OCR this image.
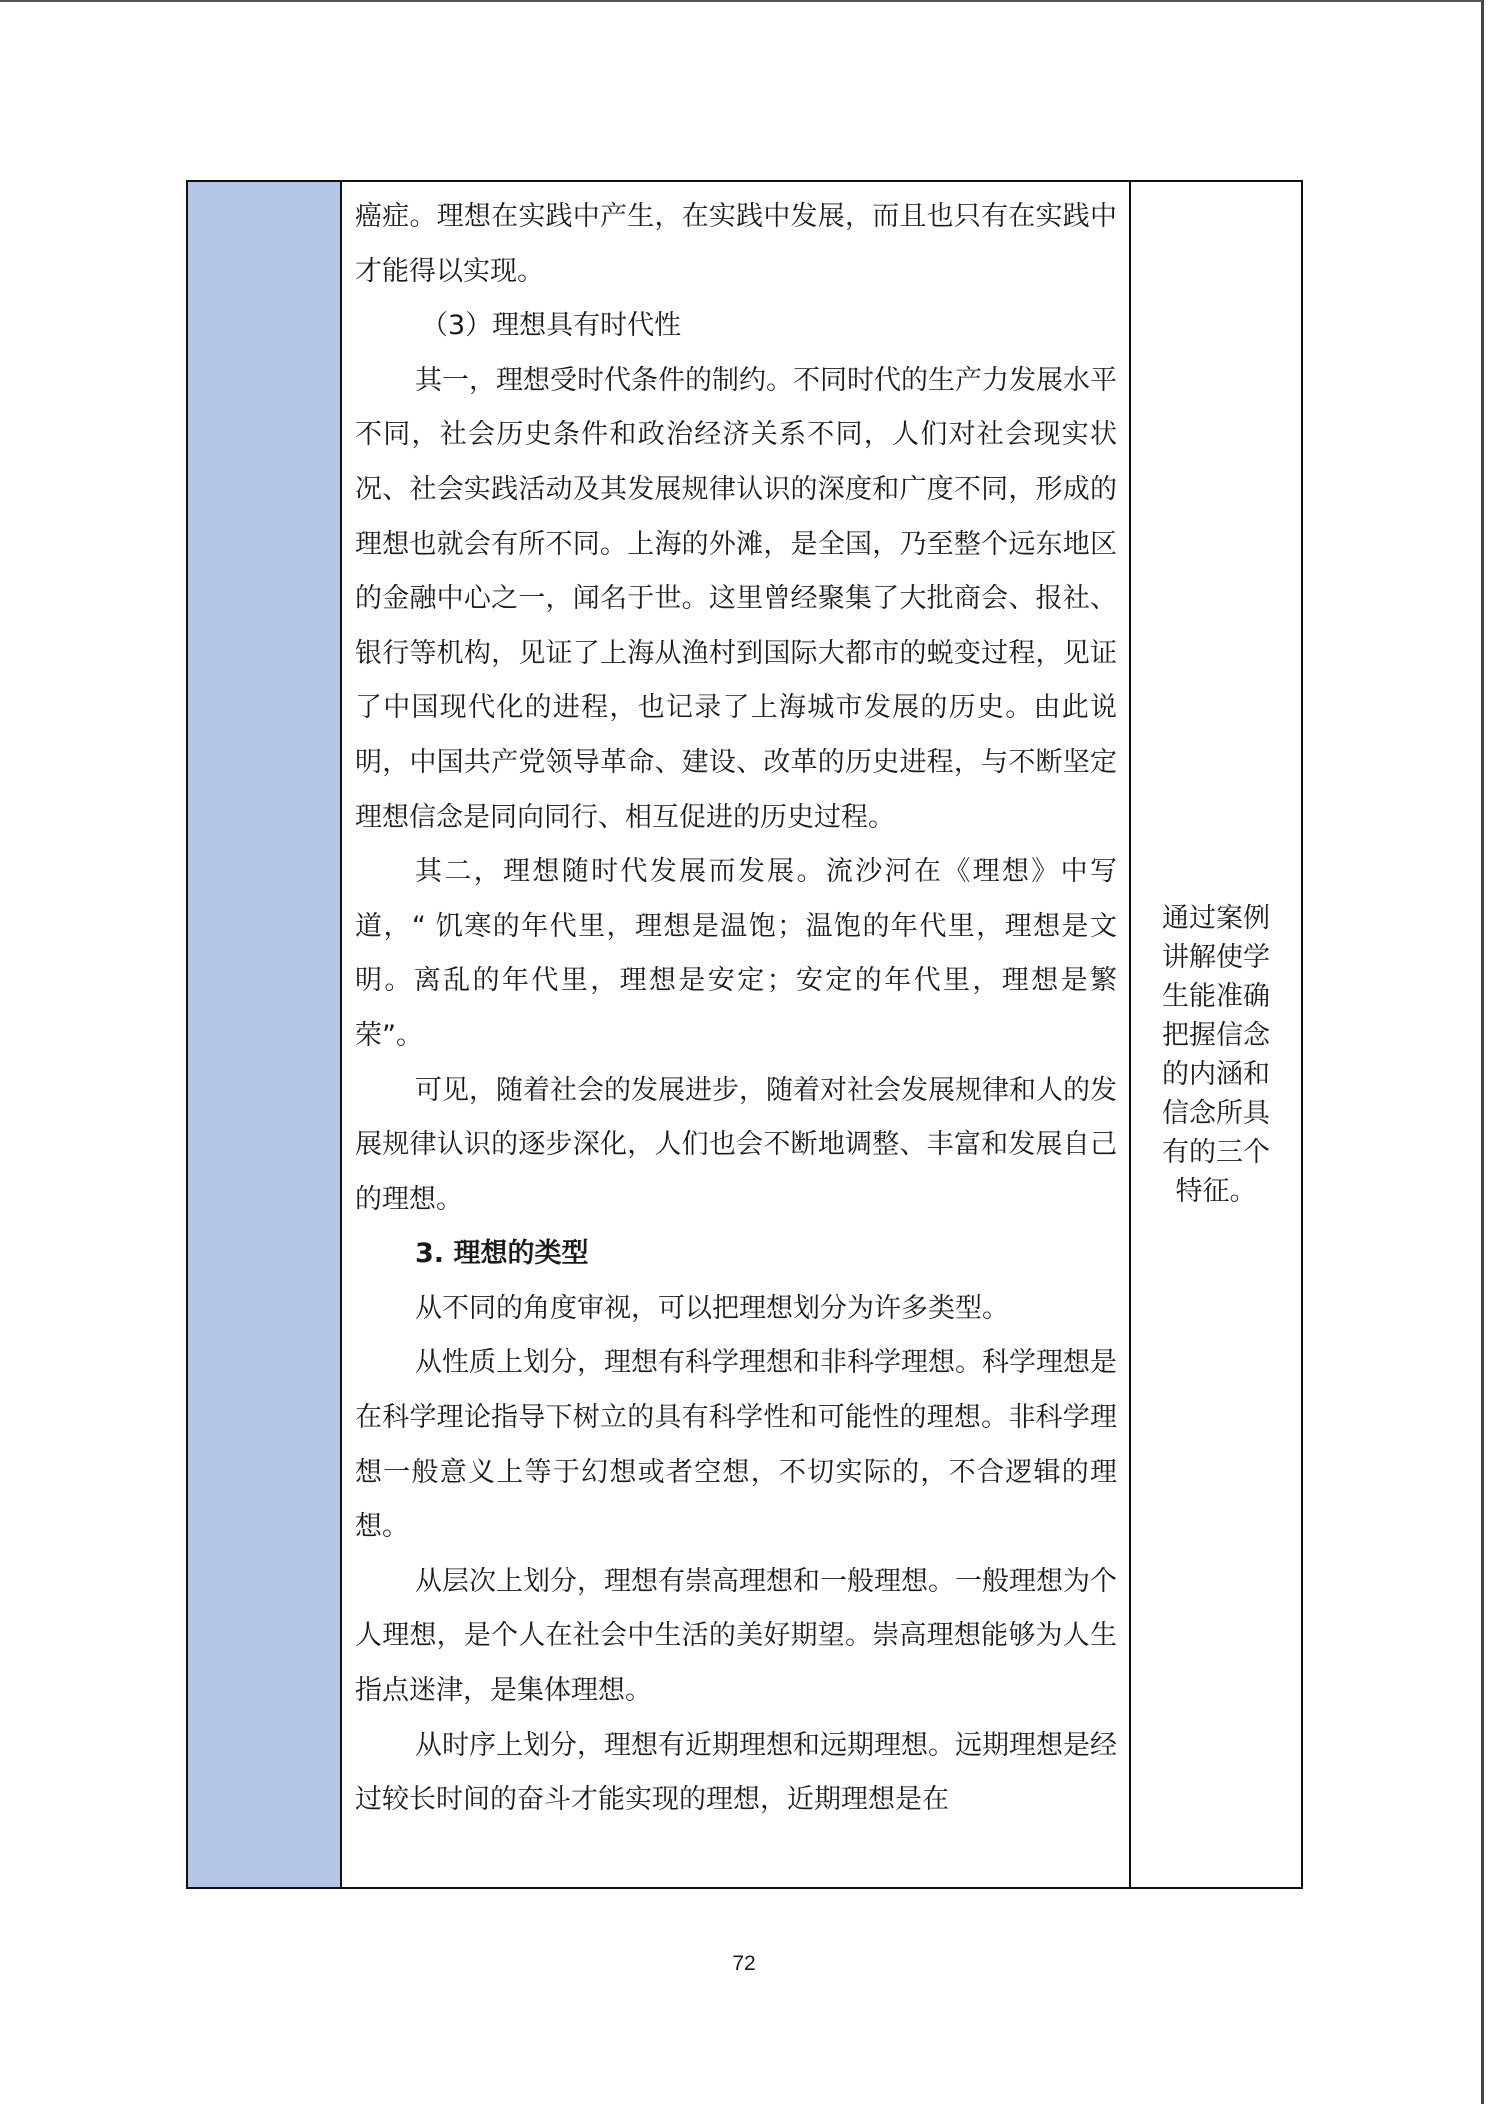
癌症。理想在实践中产生，在实践中发展，而且也只有在实践中才能得以实现。

（3）理想具有时代性

其一，理想受时代条件的制约。不同时代的生产力发展水平不同，社会历史条件和政治经济关系不同，人们对社会现实状况、社会实践活动及其发展规律认识的深度和广度不同，形成的理想也就会有所不同。上海的外滩，是全国，乃至整个远东地区的金融中心之一，闻名于世。这里曾经聚集了大批商会、报社、银行等机构，见证了上海从渔村到国际大都市的蜕变过程，见证了中国现代化的进程，也记录了上海城市发展的历史。由此说明，中国共产党领导革命、建设、改革的历史进程，与不断坚定理想信念是同向同行、相互促进的历史过程。

其二，理想随时代发展而发展。流沙河在《理想》中写道，“ 饥寒的年代里，理想是温饱；温饱的年代里，理想是文明。离乱的年代里，理想是安定；安定的年代里，理想是繁荣”。

可见，随着社会的发展进步，随着对社会发展规律和人的发展规律认识的逐步深化，人们也会不断地调整、丰富和发展自己的理想。

3. 理想的类型

从不同的角度审视，可以把理想划分为许多类型。

从性质上划分，理想有科学理想和非科学理想。科学理想是在科学理论指导下树立的具有科学性和可能性的理想。非科学理想一般意义上等于幻想或者空想，不切实际的，不合逻辑的理想。

从层次上划分，理想有崇高理想和一般理想。一般理想为个人理想，是个人在社会中生活的美好期望。崇高理想能够为人生指点迷津，是集体理想。

从时序上划分，理想有近期理想和远期理想。远期理想是经过较长时间的奋斗才能实现的理想，近期理想是在

通过案例讲解使学生能准确把握信念的内涵和信念所具有的三个特征。
72
